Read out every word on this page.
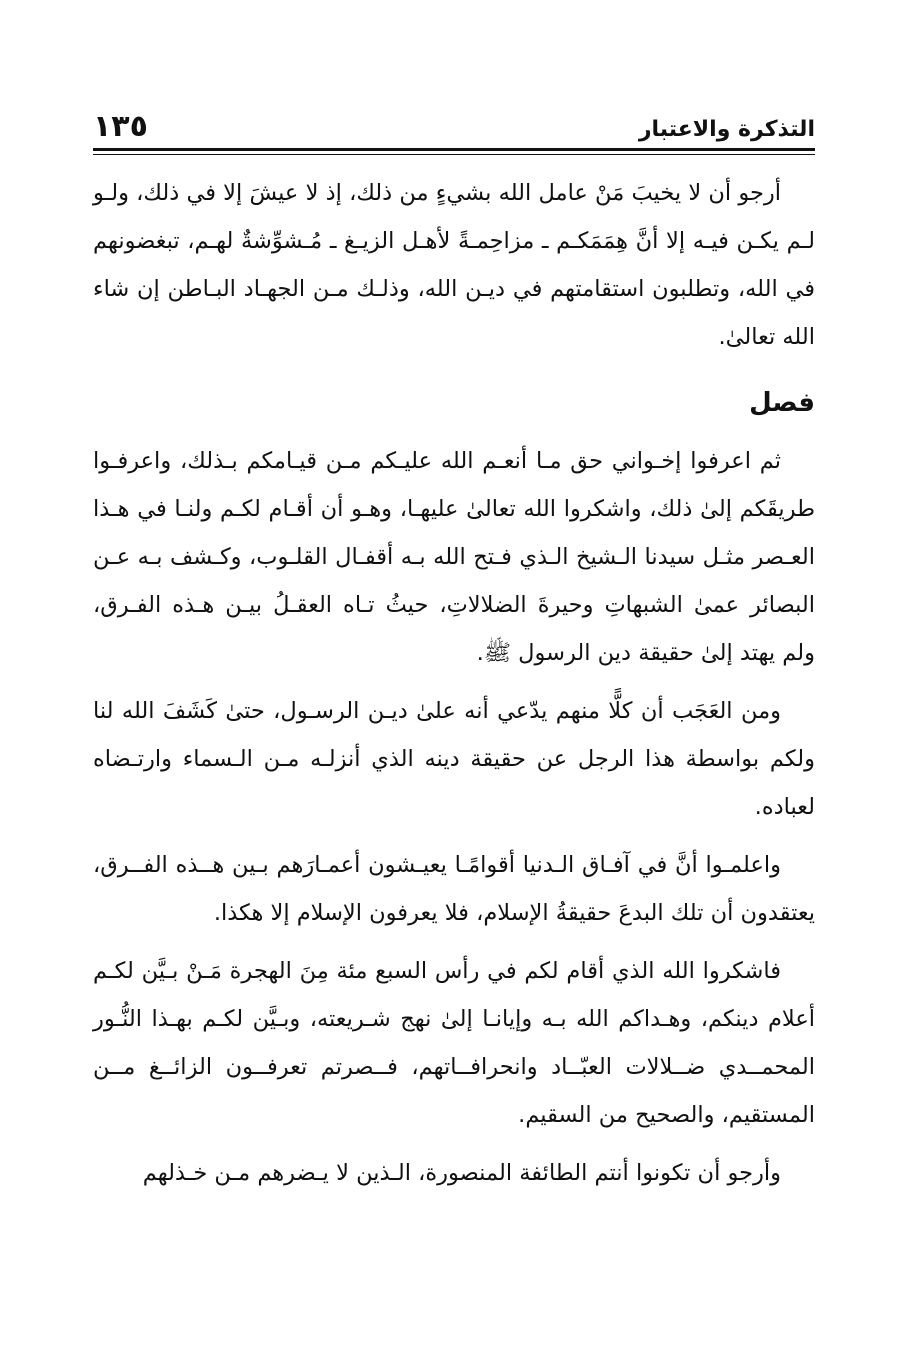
التذكرة والاعتبار
١٣٥

أرجو أن لا يخيبَ مَنْ عامل الله بشيءٍ من ذلك، إذ لا عيشَ إلا في ذلك، ولـو لـم يكـن فيـه إلا أنَّ هِمَمَكـم ـ مزاحِمـةً لأهـل الزيـغ ـ مُـشوِّشةٌ لهـم، تبغضونهم في الله، وتطلبون استقامتهم في ديـن الله، وذلـك مـن الجهـاد البـاطن إن شاء الله تعالىٰ.

فصل

ثم اعرفوا إخـواني حق مـا أنعـم الله عليـكم مـن قيـامكم بـذلك، واعرفـوا طريقَكم إلىٰ ذلك، واشكروا الله تعالىٰ عليهـا، وهـو أن أقـام لكـم ولنـا في هـذا العـصر مثـل سيدنا الـشيخ الـذي فـتح الله بـه أقفـال القلـوب، وكـشف بـه عـن البصائر عمىٰ الشبهاتِ وحيرةَ الضلالاتِ، حيثُ تـاه العقـلُ بيـن هـذه الفـرق، ولم يهتد إلىٰ حقيقة دين الرسول ﷺ.

ومن العَجَب أن كلًّا منهم يدّعي أنه علىٰ ديـن الرسـول، حتىٰ كَشَفَ الله لنا ولكم بواسطة هذا الرجل عن حقيقة دينه الذي أنزلـه مـن الـسماء وارتـضاه لعباده.

واعلمـوا أنَّ في آفـاق الـدنيا أقوامًـا يعيـشون أعمـارَهم بـين هــذه الفــرق، يعتقدون أن تلك البدعَ حقيقةُ الإسلام، فلا يعرفون الإسلام إلا هكذا.

فاشكروا الله الذي أقام لكم في رأس السبع مئة مِنَ الهجرة مَـنْ بـيَّن لكـم أعلام دينكم، وهـداكم الله بـه وإيانـا إلىٰ نهج شـريعته، وبـيَّن لكـم بهـذا النُّـور المحمــدي ضــلالات العبّــاد وانحرافــاتهم، فــصرتم تعرفــون الزائــغ مــن المستقيم، والصحيح من السقيم.

وأرجو أن تكونوا أنتم الطائفة المنصورة، الـذين لا يـضرهم مـن خـذلهم
